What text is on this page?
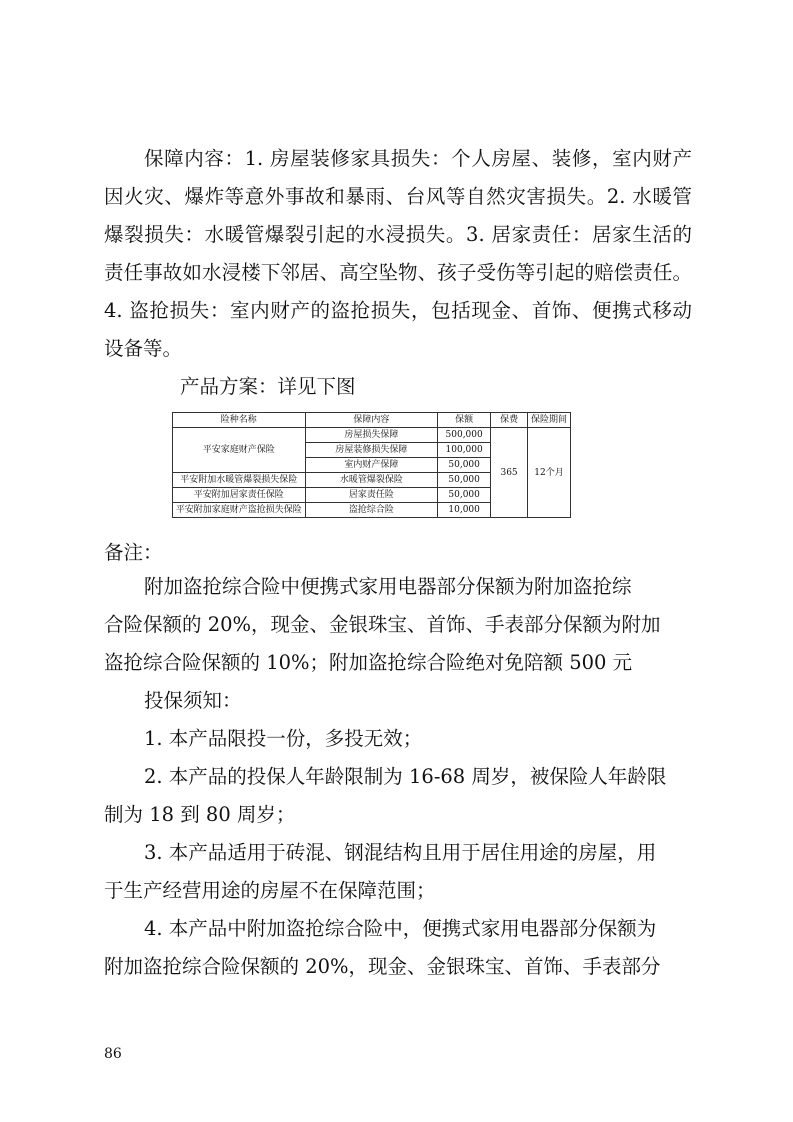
保障内容：1. 房屋装修家具损失：个人房屋、装修，室内财产因火灾、爆炸等意外事故和暴雨、台风等自然灾害损失。2. 水暖管爆裂损失：水暖管爆裂引起的水浸损失。3. 居家责任：居家生活的责任事故如水浸楼下邻居、高空坠物、孩子受伤等引起的赔偿责任。4. 盗抢损失：室内财产的盗抢损失，包括现金、首饰、便携式移动设备等。

产品方案：详见下图
险种名称	保障内容	保额	保费	保险期间
平安家庭财产保险	房屋损失保障	500,000	365	12个月
	房屋装修损失保障	100,000		
	室内财产保障	50,000		
平安附加水暖管爆裂损失保险	水暖管爆裂保险	50,000		
平安附加居家责任保险	居家责任险	50,000		
平安附加家庭财产盗抢损失保险	盗抢综合险	10,000		
备注：
附加盗抢综合险中便携式家用电器部分保额为附加盗抢综
合险保额的 20%，现金、金银珠宝、首饰、手表部分保额为附加
盗抢综合险保额的 10%；附加盗抢综合险绝对免陪额 500 元
投保须知：
1. 本产品限投一份，多投无效；
2. 本产品的投保人年龄限制为 16-68 周岁，被保险人年龄限
制为 18 到 80 周岁；
3. 本产品适用于砖混、钢混结构且用于居住用途的房屋，用
于生产经营用途的房屋不在保障范围；
4. 本产品中附加盗抢综合险中，便携式家用电器部分保额为
附加盗抢综合险保额的 20%，现金、金银珠宝、首饰、手表部分
86
